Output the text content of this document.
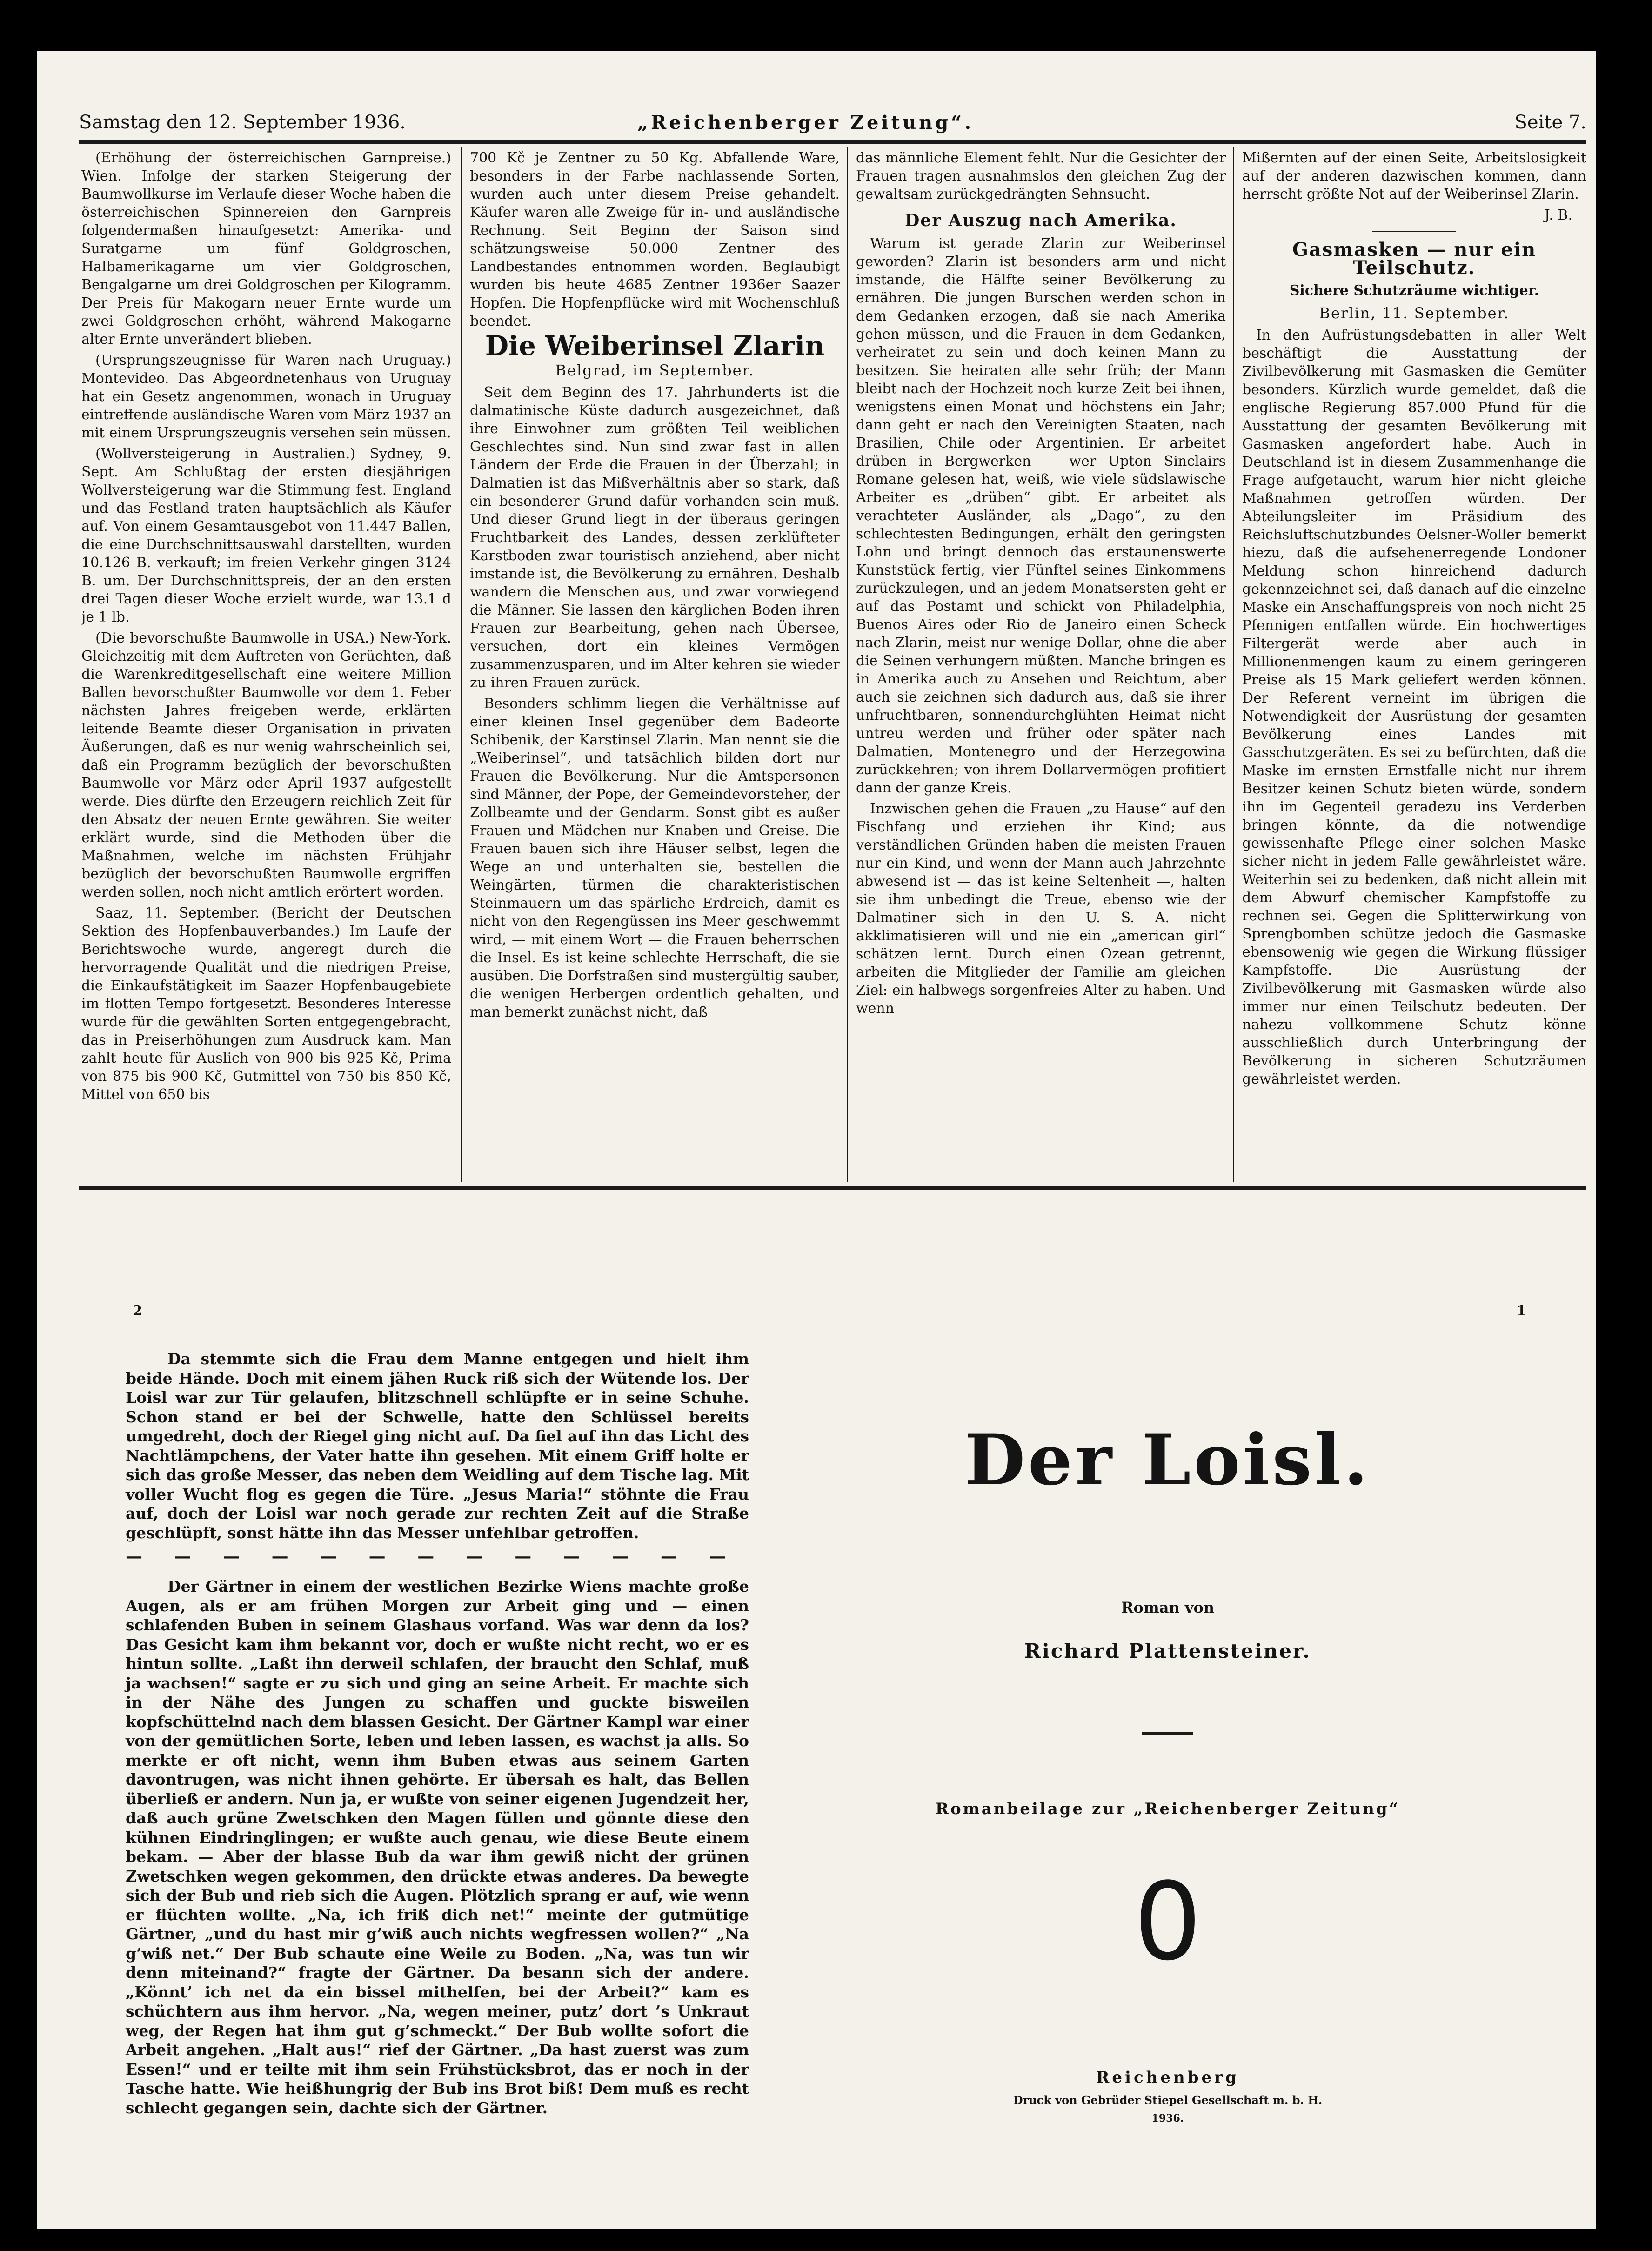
Samstag den 12. September 1936.	„Reichenberger Zeitung“.	Seite 7.

(Erhöhung der österreichischen Garnpreise.) Wien. Infolge der starken Steigerung der Baumwollkurse im Verlaufe dieser Woche haben die österreichischen Spinnereien den Garnpreis folgendermaßen hinaufgesetzt: Amerika- und Suratgarne um fünf Goldgroschen, Halbamerikagarne um vier Goldgroschen, Bengalgarne um drei Goldgroschen per Kilogramm. Der Preis für Makogarn neuer Ernte wurde um zwei Goldgroschen erhöht, während Makogarne alter Ernte unverändert blieben.

(Ursprungszeugnisse für Waren nach Uruguay.) Montevideo. Das Abgeordnetenhaus von Uruguay hat ein Gesetz angenommen, wonach in Uruguay eintreffende ausländische Waren vom März 1937 an mit einem Ursprungszeugnis versehen sein müssen.

(Wollversteigerung in Australien.) Sydney, 9. Sept. Am Schlußtag der ersten diesjährigen Wollversteigerung war die Stimmung fest. England und das Festland traten hauptsächlich als Käufer auf. Von einem Gesamtausgebot von 11.447 Ballen, die eine Durchschnittsauswahl darstellten, wurden 10.126 B. verkauft; im freien Verkehr gingen 3124 B. um. Der Durchschnittspreis, der an den ersten drei Tagen dieser Woche erzielt wurde, war 13.1 d je 1 lb.

(Die bevorschußte Baumwolle in USA.) New-York. Gleichzeitig mit dem Auftreten von Gerüchten, daß die Warenkreditgesellschaft eine weitere Million Ballen bevorschußter Baumwolle vor dem 1. Feber nächsten Jahres freigeben werde, erklärten leitende Beamte dieser Organisation in privaten Äußerungen, daß es nur wenig wahrscheinlich sei, daß ein Programm bezüglich der bevorschußten Baumwolle vor März oder April 1937 aufgestellt werde. Dies dürfte den Erzeugern reichlich Zeit für den Absatz der neuen Ernte gewähren. Sie weiter erklärt wurde, sind die Methoden über die Maßnahmen, welche im nächsten Frühjahr bezüglich der bevorschußten Baumwolle ergriffen werden sollen, noch nicht amtlich erörtert worden.

Saaz, 11. September. (Bericht der Deutschen Sektion des Hopfenbauverbandes.) Im Laufe der Berichtswoche wurde, angeregt durch die hervorragende Qualität und die niedrigen Preise, die Einkaufstätigkeit im Saazer Hopfenbaugebiete im flotten Tempo fortgesetzt. Besonderes Interesse wurde für die gewählten Sorten entgegengebracht, das in Preiserhöhungen zum Ausdruck kam. Man zahlt heute für Auslich von 900 bis 925 Kč, Prima von 875 bis 900 Kč, Gutmittel von 750 bis 850 Kč, Mittel von 650 bis

700 Kč je Zentner zu 50 Kg. Abfallende Ware, besonders in der Farbe nachlassende Sorten, wurden auch unter diesem Preise gehandelt. Käufer waren alle Zweige für in- und ausländische Rechnung. Seit Beginn der Saison sind schätzungsweise 50.000 Zentner des Landbestandes entnommen worden. Beglaubigt wurden bis heute 4685 Zentner 1936er Saazer Hopfen. Die Hopfenpflücke wird mit Wochenschluß beendet.

Die Weiberinsel Zlarin
Belgrad, im September.

Seit dem Beginn des 17. Jahrhunderts ist die dalmatinische Küste dadurch ausgezeichnet, daß ihre Einwohner zum größten Teil weiblichen Geschlechtes sind. Nun sind zwar fast in allen Ländern der Erde die Frauen in der Überzahl; in Dalmatien ist das Mißverhältnis aber so stark, daß ein besonderer Grund dafür vorhanden sein muß. Und dieser Grund liegt in der überaus geringen Fruchtbarkeit des Landes, dessen zerklüfteter Karstboden zwar touristisch anziehend, aber nicht imstande ist, die Bevölkerung zu ernähren. Deshalb wandern die Menschen aus, und zwar vorwiegend die Männer. Sie lassen den kärglichen Boden ihren Frauen zur Bearbeitung, gehen nach Übersee, versuchen, dort ein kleines Vermögen zusammenzusparen, und im Alter kehren sie wieder zu ihren Frauen zurück.

Besonders schlimm liegen die Verhältnisse auf einer kleinen Insel gegenüber dem Badeorte Schibenik, der Karstinsel Zlarin. Man nennt sie die „Weiberinsel“, und tatsächlich bilden dort nur Frauen die Bevölkerung. Nur die Amtspersonen sind Männer, der Pope, der Gemeindevorsteher, der Zollbeamte und der Gendarm. Sonst gibt es außer Frauen und Mädchen nur Knaben und Greise. Die Frauen bauen sich ihre Häuser selbst, legen die Wege an und unterhalten sie, bestellen die Weingärten, türmen die charakteristischen Steinmauern um das spärliche Erdreich, damit es nicht von den Regengüssen ins Meer geschwemmt wird, — mit einem Wort — die Frauen beherrschen die Insel. Es ist keine schlechte Herrschaft, die sie ausüben. Die Dorfstraßen sind mustergültig sauber, die wenigen Herbergen ordentlich gehalten, und man bemerkt zunächst nicht, daß

das männliche Element fehlt. Nur die Gesichter der Frauen tragen ausnahmslos den gleichen Zug der gewaltsam zurückgedrängten Sehnsucht.

Der Auszug nach Amerika.

Warum ist gerade Zlarin zur Weiberinsel geworden? Zlarin ist besonders arm und nicht imstande, die Hälfte seiner Bevölkerung zu ernähren. Die jungen Burschen werden schon in dem Gedanken erzogen, daß sie nach Amerika gehen müssen, und die Frauen in dem Gedanken, verheiratet zu sein und doch keinen Mann zu besitzen. Sie heiraten alle sehr früh; der Mann bleibt nach der Hochzeit noch kurze Zeit bei ihnen, wenigstens einen Monat und höchstens ein Jahr; dann geht er nach den Vereinigten Staaten, nach Brasilien, Chile oder Argentinien. Er arbeitet drüben in Bergwerken — wer Upton Sinclairs Romane gelesen hat, weiß, wie viele südslawische Arbeiter es „drüben“ gibt. Er arbeitet als verachteter Ausländer, als „Dago“, zu den schlechtesten Bedingungen, erhält den geringsten Lohn und bringt dennoch das erstaunenswerte Kunststück fertig, vier Fünftel seines Einkommens zurückzulegen, und an jedem Monatsersten geht er auf das Postamt und schickt von Philadelphia, Buenos Aires oder Rio de Janeiro einen Scheck nach Zlarin, meist nur wenige Dollar, ohne die aber die Seinen verhungern müßten. Manche bringen es in Amerika auch zu Ansehen und Reichtum, aber auch sie zeichnen sich dadurch aus, daß sie ihrer unfruchtbaren, sonnendurchglühten Heimat nicht untreu werden und früher oder später nach Dalmatien, Montenegro und der Herzegowina zurückkehren; von ihrem Dollarvermögen profitiert dann der ganze Kreis.

Inzwischen gehen die Frauen „zu Hause“ auf den Fischfang und erziehen ihr Kind; aus verständlichen Gründen haben die meisten Frauen nur ein Kind, und wenn der Mann auch Jahrzehnte abwesend ist — das ist keine Seltenheit —, halten sie ihm unbedingt die Treue, ebenso wie der Dalmatiner sich in den U. S. A. nicht akklimatisieren will und nie ein „american girl“ schätzen lernt. Durch einen Ozean getrennt, arbeiten die Mitglieder der Familie am gleichen Ziel: ein halbwegs sorgenfreies Alter zu haben. Und wenn

Mißernten auf der einen Seite, Arbeitslosigkeit auf der anderen dazwischen kommen, dann herrscht größte Not auf der Weiberinsel Zlarin.

J. B.
Gasmasken — nur ein Teilschutz.
Sichere Schutzräume wichtiger.
Berlin, 11. September.

In den Aufrüstungsdebatten in aller Welt beschäftigt die Ausstattung der Zivilbevölkerung mit Gasmasken die Gemüter besonders. Kürzlich wurde gemeldet, daß die englische Regierung 857.000 Pfund für die Ausstattung der gesamten Bevölkerung mit Gasmasken angefordert habe. Auch in Deutschland ist in diesem Zusammenhange die Frage aufgetaucht, warum hier nicht gleiche Maßnahmen getroffen würden. Der Abteilungsleiter im Präsidium des Reichsluftschutzbundes Oelsner-Woller bemerkt hiezu, daß die aufsehenerregende Londoner Meldung schon hinreichend dadurch gekennzeichnet sei, daß danach auf die einzelne Maske ein Anschaffungspreis von noch nicht 25 Pfennigen entfallen würde. Ein hochwertiges Filtergerät werde aber auch in Millionenmengen kaum zu einem geringeren Preise als 15 Mark geliefert werden können. Der Referent verneint im übrigen die Notwendigkeit der Ausrüstung der gesamten Bevölkerung eines Landes mit Gasschutzgeräten. Es sei zu befürchten, daß die Maske im ernsten Ernstfalle nicht nur ihrem Besitzer keinen Schutz bieten würde, sondern ihn im Gegenteil geradezu ins Verderben bringen könnte, da die notwendige gewissenhafte Pflege einer solchen Maske sicher nicht in jedem Falle gewährleistet wäre. Weiterhin sei zu bedenken, daß nicht allein mit dem Abwurf chemischer Kampfstoffe zu rechnen sei. Gegen die Splitterwirkung von Sprengbomben schütze jedoch die Gasmaske ebensowenig wie gegen die Wirkung flüssiger Kampfstoffe. Die Ausrüstung der Zivilbevölkerung mit Gasmasken würde also immer nur einen Teilschutz bedeuten. Der nahezu vollkommene Schutz könne ausschließlich durch Unterbringung der Bevölkerung in sicheren Schutzräumen gewährleistet werden.

2	1

Da stemmte sich die Frau dem Manne entgegen und hielt ihm beide Hände. Doch mit einem jähen Ruck riß sich der Wütende los. Der Loisl war zur Tür gelaufen, blitzschnell schlüpfte er in seine Schuhe. Schon stand er bei der Schwelle, hatte den Schlüssel bereits umgedreht, doch der Riegel ging nicht auf. Da fiel auf ihn das Licht des Nachtlämpchens, der Vater hatte ihn gesehen. Mit einem Griff holte er sich das große Messer, das neben dem Weidling auf dem Tische lag. Mit voller Wucht flog es gegen die Türe. „Jesus Maria!“ stöhnte die Frau auf, doch der Loisl war noch gerade zur rechten Zeit auf die Straße geschlüpft, sonst hätte ihn das Messer unfehlbar getroffen.

— — — — — — — — — — — — —

Der Gärtner in einem der westlichen Bezirke Wiens machte große Augen, als er am frühen Morgen zur Arbeit ging und — einen schlafenden Buben in seinem Glashaus vorfand. Was war denn da los? Das Gesicht kam ihm bekannt vor, doch er wußte nicht recht, wo er es hintun sollte. „Laßt ihn derweil schlafen, der braucht den Schlaf, muß ja wachsen!“ sagte er zu sich und ging an seine Arbeit. Er machte sich in der Nähe des Jungen zu schaffen und guckte bisweilen kopfschüttelnd nach dem blassen Gesicht. Der Gärtner Kampl war einer von der gemütlichen Sorte, leben und leben lassen, es wachst ja alls. So merkte er oft nicht, wenn ihm Buben etwas aus seinem Garten davontrugen, was nicht ihnen gehörte. Er übersah es halt, das Bellen überließ er andern. Nun ja, er wußte von seiner eigenen Jugendzeit her, daß auch grüne Zwetschken den Magen füllen und gönnte diese den kühnen Eindringlingen; er wußte auch genau, wie diese Beute einem bekam. — Aber der blasse Bub da war ihm gewiß nicht der grünen Zwetschken wegen gekommen, den drückte etwas anderes. Da bewegte sich der Bub und rieb sich die Augen. Plötzlich sprang er auf, wie wenn er flüchten wollte. „Na, ich friß dich net!“ meinte der gutmütige Gärtner, „und du hast mir g’wiß auch nichts wegfressen wollen?“ „Na g’wiß net.“ Der Bub schaute eine Weile zu Boden. „Na, was tun wir denn miteinand?“ fragte der Gärtner. Da besann sich der andere. „Könnt’ ich net da ein bissel mithelfen, bei der Arbeit?“ kam es schüchtern aus ihm hervor. „Na, wegen meiner, putz’ dort ’s Unkraut weg, der Regen hat ihm gut g’schmeckt.“ Der Bub wollte sofort die Arbeit angehen. „Halt aus!“ rief der Gärtner. „Da hast zuerst was zum Essen!“ und er teilte mit ihm sein Frühstücksbrot, das er noch in der Tasche hatte. Wie heißhungrig der Bub ins Brot biß! Dem muß es recht schlecht gegangen sein, dachte sich der Gärtner.

Der Loisl.
Roman von
Richard Plattensteiner.
Romanbeilage zur „Reichenberger Zeitung“
0
Reichenberg
Druck von Gebrüder Stiepel Gesellschaft m. b. H.
1936.
